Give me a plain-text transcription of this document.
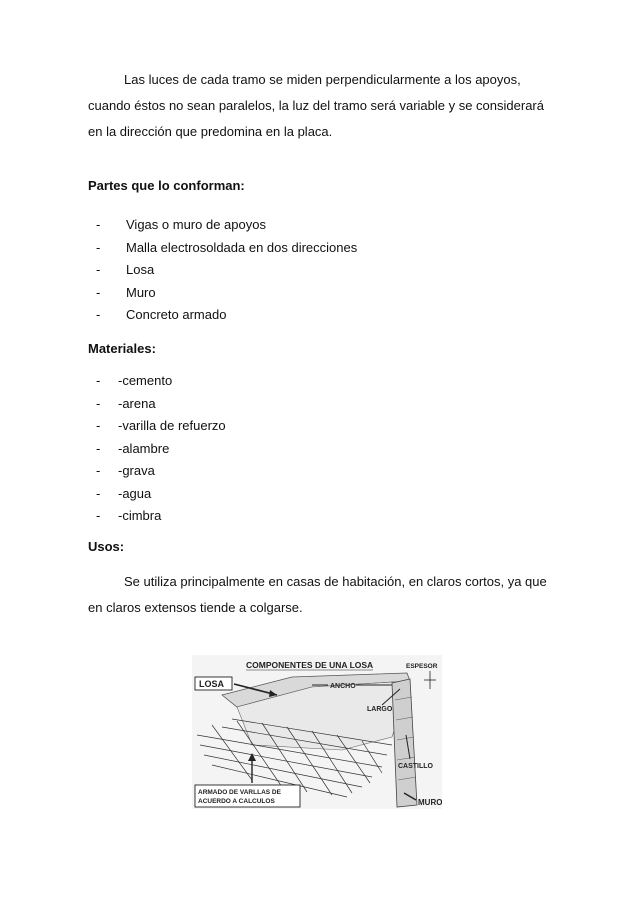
Las luces de cada tramo se miden perpendicularmente a los apoyos,
cuando éstos no sean paralelos, la luz del tramo será variable y se considerará
en la dirección que predomina en la placa.
Partes que lo conforman:
- Vigas o muro de apoyos
- Malla electrosoldada en dos direcciones
- Losa
- Muro
- Concreto armado
Materiales:
- -cemento
- -arena
- -varilla de refuerzo
- -alambre
- -grava
- -agua
- -cimbra
Usos:
Se utiliza principalmente en casas de habitación, en claros cortos, ya que
en claros extensos tiende a colgarse.
COMPONENTES DE UNA LOSA
LOSA	ANCHO
ESPESOR
LARGO
CASTILLO
ARMADO DE VARLLAS DE
ACUERDO A CALCULOS	MURO
